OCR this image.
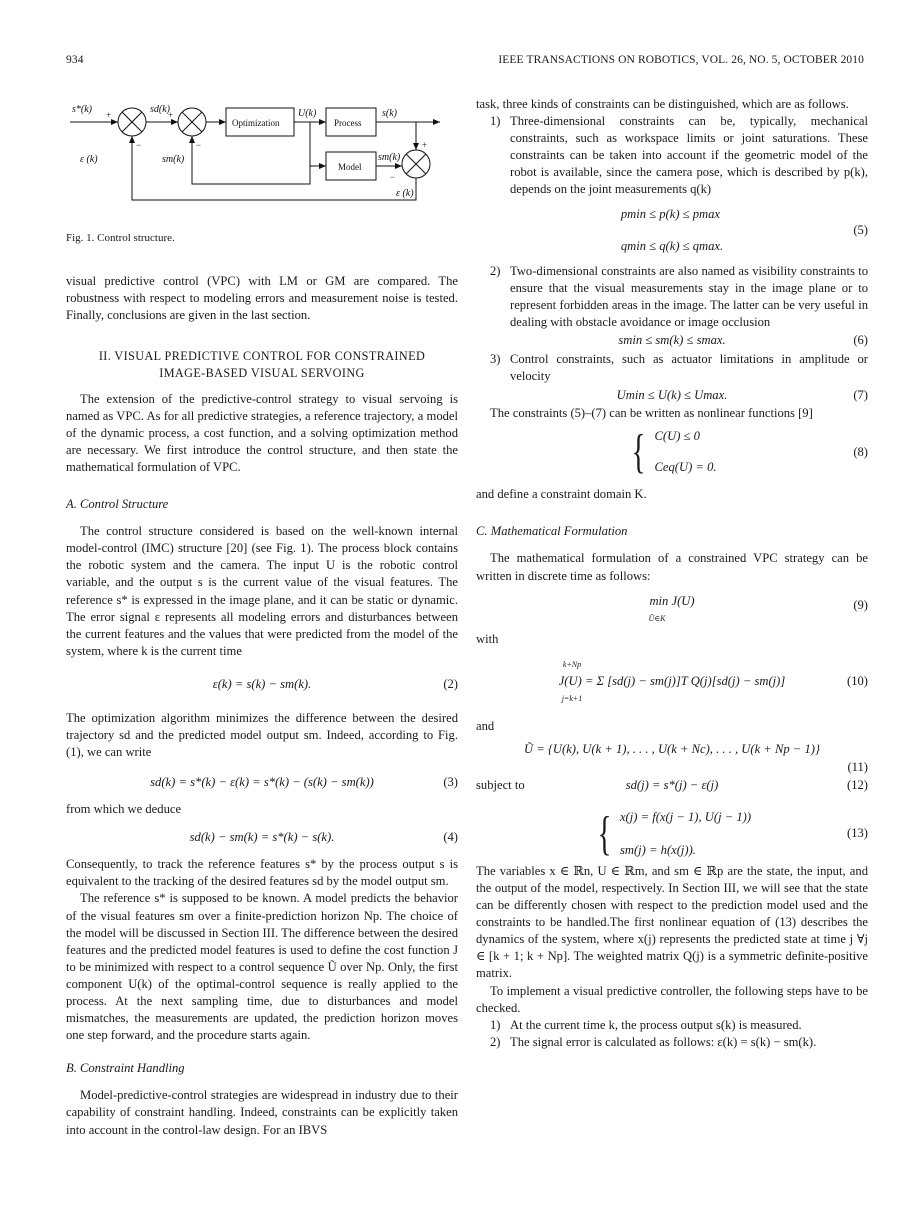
934	IEEE TRANSACTIONS ON ROBOTICS, VOL. 26, NO. 5, OCTOBER 2010
s*(k)	sd(k)	U(k)	s(k)
sm(k)
sm(k)
ε (k)
ε (k)
Optimization	Process
Model
+
−
+
−	+
−
Fig. 1. Control structure.

visual predictive control (VPC) with LM or GM are compared. The robustness with respect to modeling errors and measurement noise is tested. Finally, conclusions are given in the last section.

II. VISUAL PREDICTIVE CONTROL FOR CONSTRAINED
IMAGE-BASED VISUAL SERVOING

The extension of the predictive-control strategy to visual servoing is named as VPC. As for all predictive strategies, a reference trajectory, a model of the dynamic process, a cost function, and a solving optimization method are necessary. We first introduce the control structure, and then state the mathematical formulation of VPC.

A. Control Structure

The control structure considered is based on the well-known internal model-control (IMC) structure [20] (see Fig. 1). The process block contains the robotic system and the camera. The input U is the robotic control variable, and the output s is the current value of the visual features. The reference s* is expressed in the image plane, and it can be static or dynamic. The error signal ε represents all modeling errors and disturbances between the current features and the values that were predicted from the model of the system, where k is the current time

ε(k) = s(k) − sm(k).	(2)

The optimization algorithm minimizes the difference between the desired trajectory sd and the predicted model output sm. Indeed, according to Fig. (1), we can write

sd(k) = s*(k) − ε(k) = s*(k) − (s(k) − sm(k))	(3)

from which we deduce

sd(k) − sm(k) = s*(k) − s(k).	(4)

Consequently, to track the reference features s* by the process output s is equivalent to the tracking of the desired features sd by the model output sm.

The reference s* is supposed to be known. A model predicts the behavior of the visual features sm over a finite-prediction horizon Np. The choice of the model will be discussed in Section III. The difference between the desired features and the predicted model features is used to define the cost function J to be minimized with respect to a control sequence Ũ over Np. Only, the first component U(k) of the optimal-control sequence is really applied to the process. At the next sampling time, due to disturbances and model mismatches, the measurements are updated, the prediction horizon moves one step forward, and the procedure starts again.

B. Constraint Handling

Model-predictive-control strategies are widespread in industry due to their capability of constraint handling. Indeed, constraints can be explicitly taken into account in the control-law design. For an IBVS

task, three kinds of constraints can be distinguished, which are as follows.

1) Three-dimensional constraints can be, typically, mechanical constraints, such as workspace limits or joint saturations. These constraints can be taken into account if the geometric model of the robot is available, since the camera pose, which is described by p(k), depends on the joint measurements q(k)
pmin ≤ p(k) ≤ pmax
qmin ≤ q(k) ≤ qmax.
(5)
2) Two-dimensional constraints are also named as visibility constraints to ensure that the visual measurements stay in the image plane or to represent forbidden areas in the image. The latter can be very useful in dealing with obstacle avoidance or image occlusion
smin ≤ sm(k) ≤ smax.	(6)
3) Control constraints, such as actuator limitations in amplitude or velocity
Umin ≤ U(k) ≤ Umax.	(7)

The constraints (5)–(7) can be written as nonlinear functions [9]

{ C(U) ≤ 0
Ceq(U) = 0.
(8)

and define a constraint domain K.

C. Mathematical Formulation

The mathematical formulation of a constrained VPC strategy can be written in discrete time as follows:

min J(U)
Ũ∈K
(9)

with

k+Np
J(U) = Σ [sd(j) − sm(j)]T Q(j)[sd(j) − sm(j)]
j=k+1
(10)

and

Ũ = {U(k), U(k + 1), . . . , U(k + Nc), . . . , U(k + Np − 1)}
(11)

subject to	sd(j) = s*(j) − ε(j)	(12)
{ x(j) = f(x(j − 1), U(j − 1))
sm(j) = h(x(j)).
(13)

The variables x ∈ ℝn, U ∈ ℝm, and sm ∈ ℝp are the state, the input, and the output of the model, respectively. In Section III, we will see that the state can be differently chosen with respect to the prediction model used and the constraints to be handled.The first nonlinear equation of (13) describes the dynamics of the system, where x(j) represents the predicted state at time j ∀j ∈ [k + 1; k + Np]. The weighted matrix Q(j) is a symmetric definite-positive matrix.

To implement a visual predictive controller, the following steps have to be checked.

1) At the current time k, the process output s(k) is measured.
2) The signal error is calculated as follows: ε(k) = s(k) − sm(k).
